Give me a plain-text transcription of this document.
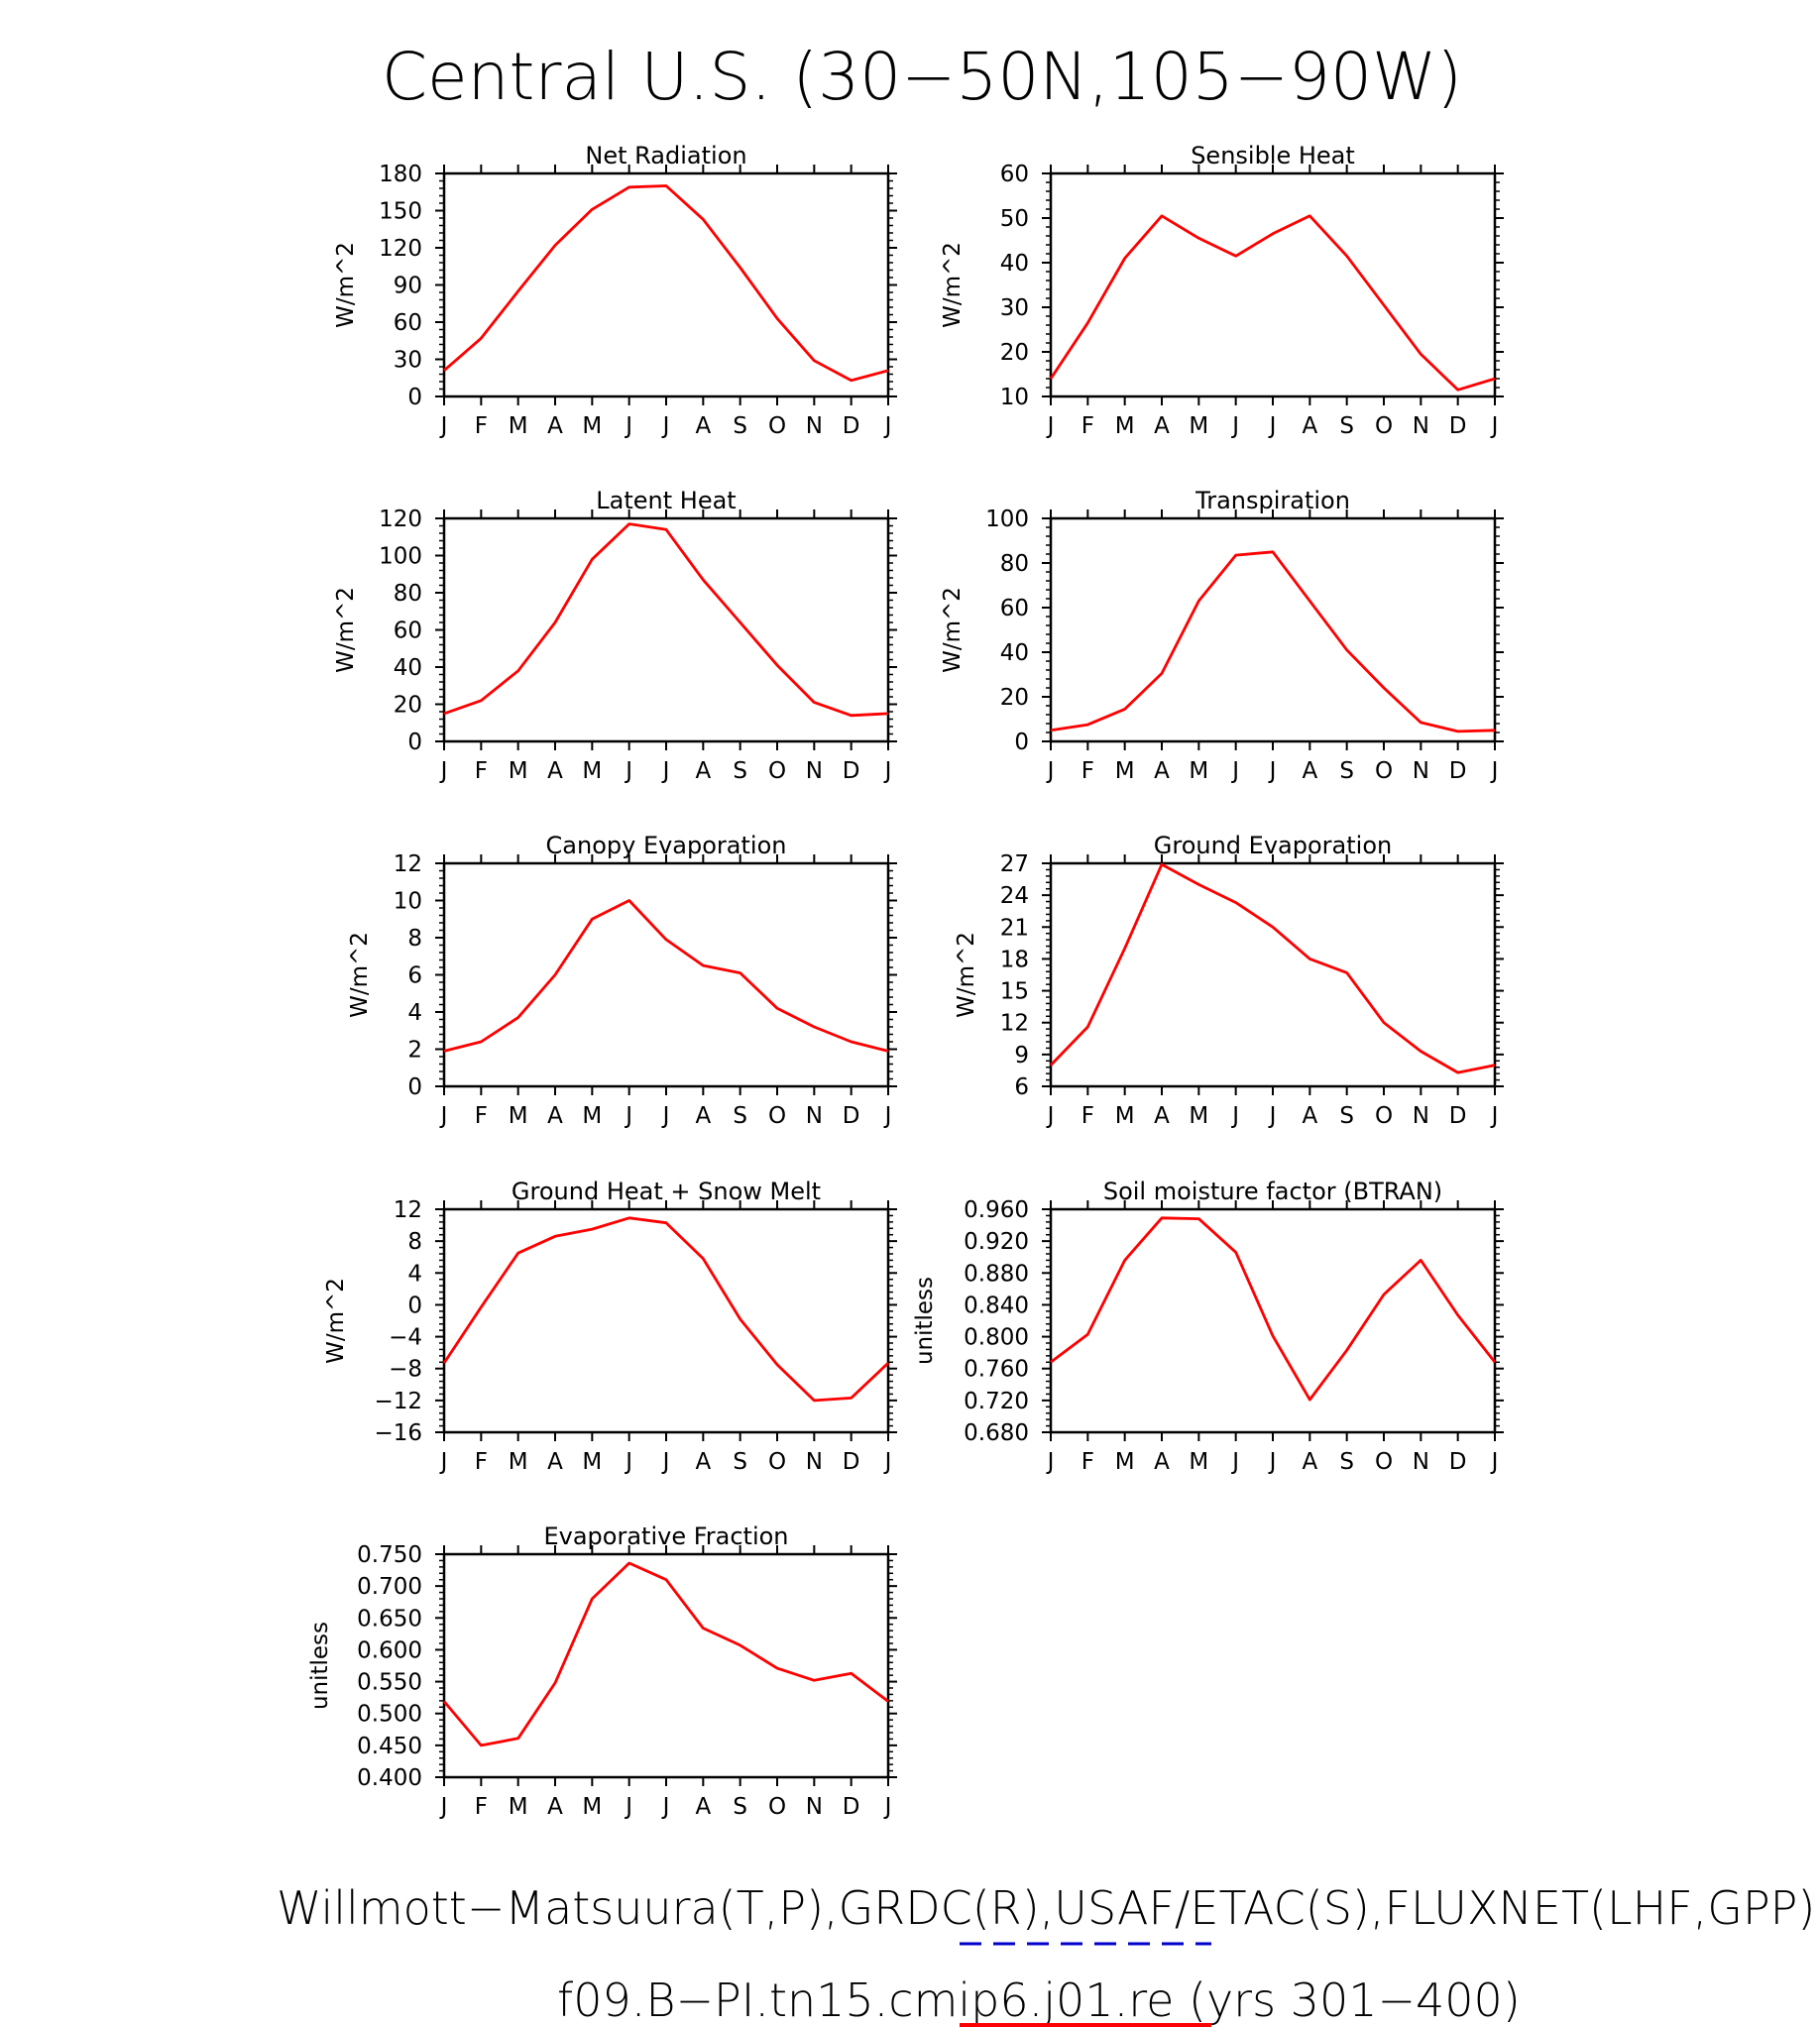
Central U.S. (30−50N,105−90W)
J F M A M J J A S O N D J
0
30
60
90
120
150
180
Net Radiation
W/m^2
J F M A M J J A S O N D J
10
20
30
40
50
60
Sensible Heat
W/m^2
J F M A M J J A S O N D J
0
20
40
60
80
100
120
Latent Heat
W/m^2
J F M A M J J A S O N D J
0
20
40
60
80
100
Transpiration
W/m^2
J F M A M J J A S O N D J
0
2
4
6
8
10
12
Canopy Evaporation
W/m^2
J F M A M J J A S O N D J
6
9
12
15
18
21
24
27
Ground Evaporation
W/m^2
J F M A M J J A S O N D J
−16
−12
−8
−4
0
4
8
12
Ground Heat + Snow Melt
W/m^2
J F M A M J J A S O N D J
0.680
0.720
0.760
0.800
0.840
0.880
0.920
0.960
Soil moisture factor (BTRAN)
unitless
J F M A M J J A S O N D J
0.400
0.450
0.500
0.550
0.600
0.650
0.700
0.750
Evaporative Fraction
unitless
Willmott−Matsuura(T,P),GRDC(R),USAF/ETAC(S),FLUXNET(LHF,GPP)
f09.B−PI.tn15.cmip6.j01.re (yrs 301−400)
